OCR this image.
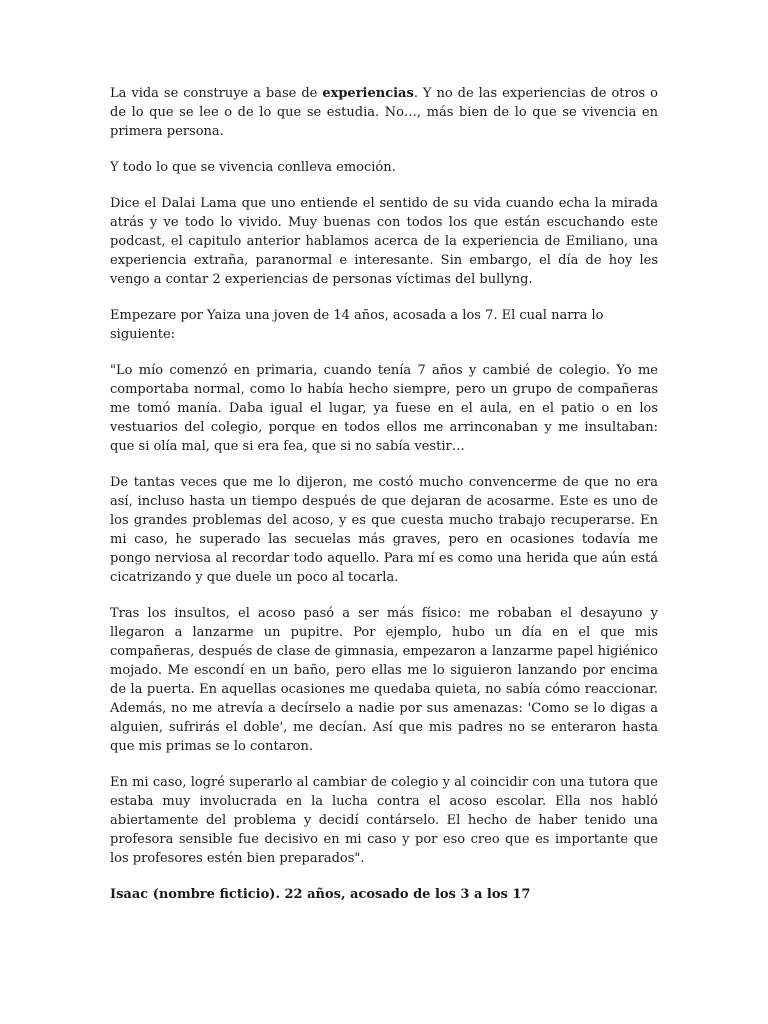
La vida se construye a base de experiencias. Y no de las experiencias de otros o de lo que se lee o de lo que se estudia. No…, más bien de lo que se vivencia en primera persona.

Y todo lo que se vivencia conlleva emoción.

Dice el Dalai Lama que uno entiende el sentido de su vida cuando echa la mirada atrás y ve todo lo vivido. Muy buenas con todos los que están escuchando este podcast, el capitulo anterior hablamos acerca de la experiencia de Emiliano, una experiencia extraña, paranormal e interesante. Sin embargo, el día de hoy les vengo a contar 2 experiencias de personas víctimas del bullyng.

Empezare por Yaiza una joven de 14 años, acosada a los 7. El cual narra lo siguiente:

"Lo mío comenzó en primaria, cuando tenía 7 años y cambié de colegio. Yo me comportaba normal, como lo había hecho siempre, pero un grupo de compañeras me tomó manía. Daba igual el lugar, ya fuese en el aula, en el patio o en los vestuarios del colegio, porque en todos ellos me arrinconaban y me insultaban: que si olía mal, que si era fea, que si no sabía vestir…

De tantas veces que me lo dijeron, me costó mucho convencerme de que no era así, incluso hasta un tiempo después de que dejaran de acosarme. Este es uno de los grandes problemas del acoso, y es que cuesta mucho trabajo recuperarse. En mi caso, he superado las secuelas más graves, pero en ocasiones todavía me pongo nerviosa al recordar todo aquello. Para mí es como una herida que aún está cicatrizando y que duele un poco al tocarla.

Tras los insultos, el acoso pasó a ser más físico: me robaban el desayuno y llegaron a lanzarme un pupitre. Por ejemplo, hubo un día en el que mis compañeras, después de clase de gimnasia, empezaron a lanzarme papel higiénico mojado. Me escondí en un baño, pero ellas me lo siguieron lanzando por encima de la puerta. En aquellas ocasiones me quedaba quieta, no sabía cómo reaccionar. Además, no me atrevía a decírselo a nadie por sus amenazas: 'Como se lo digas a alguien, sufrirás el doble', me decían. Así que mis padres no se enteraron hasta que mis primas se lo contaron.

En mi caso, logré superarlo al cambiar de colegio y al coincidir con una tutora que estaba muy involucrada en la lucha contra el acoso escolar. Ella nos habló abiertamente del problema y decidí contárselo. El hecho de haber tenido una profesora sensible fue decisivo en mi caso y por eso creo que es importante que los profesores estén bien preparados".

Isaac (nombre ficticio). 22 años, acosado de los 3 a los 17
